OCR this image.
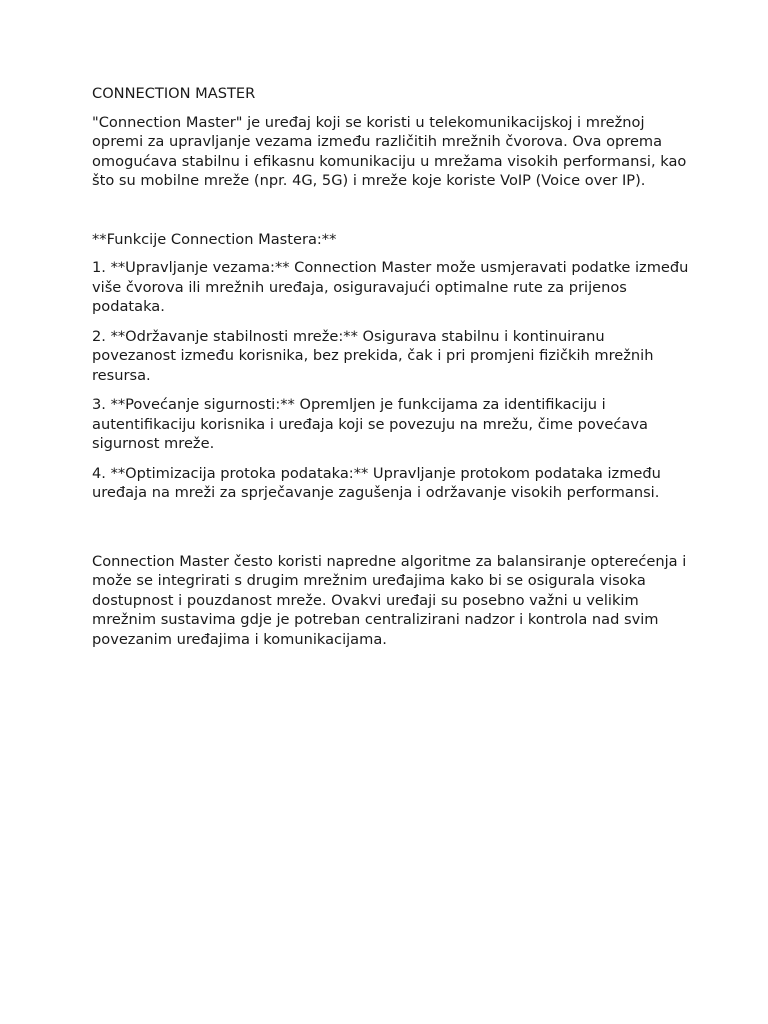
CONNECTION MASTER

"Connection Master" je uređaj koji se koristi u telekomunikacijskoj i mrežnoj opremi za upravljanje vezama između različitih mrežnih čvorova. Ova oprema omogućava stabilnu i efikasnu komunikaciju u mrežama visokih performansi, kao što su mobilne mreže (npr. 4G, 5G) i mreže koje koriste VoIP (Voice over IP).

**Funkcije Connection Mastera:**

1. **Upravljanje vezama:** Connection Master može usmjeravati podatke između više čvorova ili mrežnih uređaja, osiguravajući optimalne rute za prijenos podataka.

2. **Održavanje stabilnosti mreže:** Osigurava stabilnu i kontinuiranu povezanost između korisnika, bez prekida, čak i pri promjeni fizičkih mrežnih resursa.

3. **Povećanje sigurnosti:** Opremljen je funkcijama za identifikaciju i autentifikaciju korisnika i uređaja koji se povezuju na mrežu, čime povećava sigurnost mreže.

4. **Optimizacija protoka podataka:** Upravljanje protokom podataka između uređaja na mreži za sprječavanje zagušenja i održavanje visokih performansi.

Connection Master često koristi napredne algoritme za balansiranje opterećenja i može se integrirati s drugim mrežnim uređajima kako bi se osigurala visoka dostupnost i pouzdanost mreže. Ovakvi uređaji su posebno važni u velikim mrežnim sustavima gdje je potreban centralizirani nadzor i kontrola nad svim povezanim uređajima i komunikacijama.
